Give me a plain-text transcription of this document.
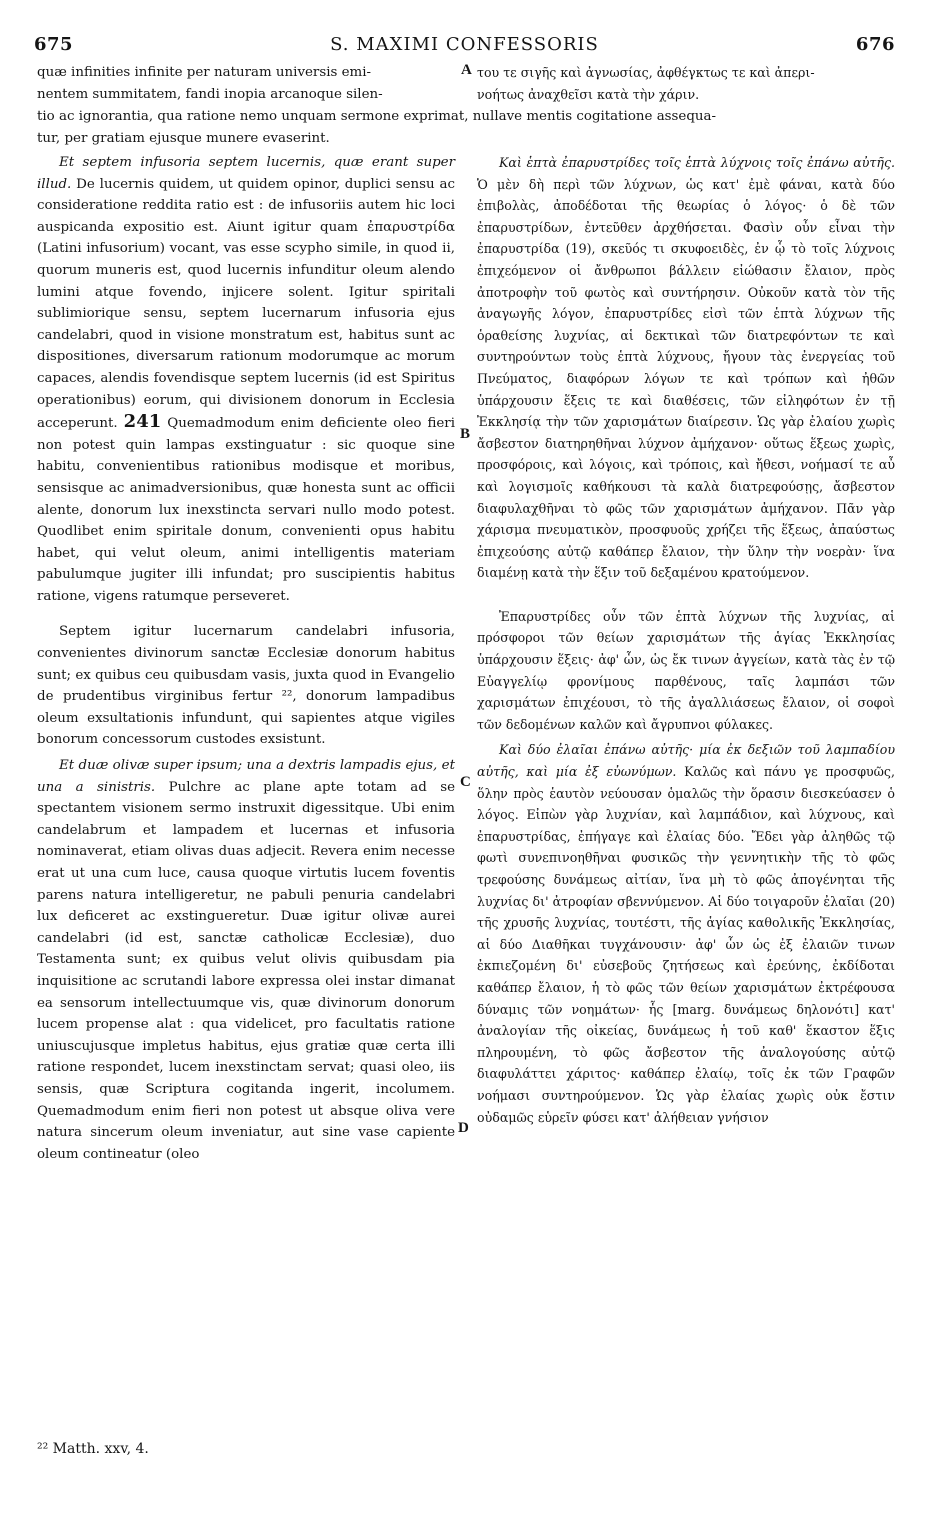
675	S. MAXIMI CONFESSORIS	676

quæ infinities infinite per naturam universis emi-
nentem summitatem, fandi inopia arcanoque silen-

του τε σιγῆς καὶ ἀγνωσίας, ἀφθέγκτως τε καὶ ἀπερι-
νοήτως ἀναχθεῖσι κατὰ τὴν χάριν.

tio ac ignorantia, qua ratione nemo unquam sermone exprimat, nullave mentis cogitatione assequa-
tur, per gratiam ejusque munere evaserint.

A
B
C
D

Et septem infusoria septem lucernis, quæ erant super illud. De lucernis quidem, ut quidem opinor, duplici sensu ac consideratione reddita ratio est : de infusoriis autem hic loci auspicanda expositio est. Aiunt igitur quam ἐπαρυστρίδα (Latini infusorium) vocant, vas esse scypho simile, in quod ii, quorum muneris est, quod lucernis infunditur oleum alendo lumini atque fovendo, injicere solent. Igitur spiritali sublimiorique sensu, septem lucernarum infusoria ejus candelabri, quod in visione monstratum est, habitus sunt ac dispositiones, diversarum rationum modorumque ac morum capaces, alendis fovendisque septem lucernis (id est Spiritus operationibus) eorum, qui divisionem donorum in Ecclesia acceperunt. 241 Quemadmodum enim deficiente oleo fieri non potest quin lampas exstinguatur : sic quoque sine habitu, convenientibus rationibus modisque et moribus, sensisque ac animadversionibus, quæ honesta sunt ac officii alente, donorum lux inexstincta servari nullo modo potest. Quodlibet enim spiritale donum, convenienti opus habitu habet, qui velut oleum, animi intelligentis materiam pabulumque jugiter illi infundat; pro suscipientis habitus ratione, vigens ratumque perseveret.

Septem igitur lucernarum candelabri infusoria, convenientes divinorum sanctæ Ecclesiæ donorum habitus sunt; ex quibus ceu quibusdam vasis, juxta quod in Evangelio de prudentibus virginibus fertur ²², donorum lampadibus oleum exsultationis infundunt, qui sapientes atque vigiles bonorum concessorum custodes exsistunt.

Et duæ olivæ super ipsum; una a dextris lampadis ejus, et una a sinistris. Pulchre ac plane apte totam ad se spectantem visionem sermo instruxit digessitque. Ubi enim candelabrum et lampadem et lucernas et infusoria nominaverat, etiam olivas duas adjecit. Revera enim necesse erat ut una cum luce, causa quoque virtutis lucem foventis parens natura intelligeretur, ne pabuli penuria candelabri lux deficeret ac exstingueretur. Duæ igitur olivæ aurei candelabri (id est, sanctæ catholicæ Ecclesiæ), duo Testamenta sunt; ex quibus velut olivis quibusdam pia inquisitione ac scrutandi labore expressa olei instar dimanat ea sensorum intellectuumque vis, quæ divinorum donorum lucem propense alat : qua videlicet, pro facultatis ratione uniuscujusque impletus habitus, ejus gratiæ quæ certa illi ratione respondet, lucem inexstinctam servat; quasi oleo, iis sensis, quæ Scriptura cogitanda ingerit, incolumem. Quemadmodum enim fieri non potest ut absque oliva vere natura sincerum oleum inveniatur, aut sine vase capiente oleum contineatur (oleo

Καὶ ἑπτὰ ἐπαρυστρίδες τοῖς ἑπτὰ λύχνοις τοῖς ἐπάνω αὐτῆς. Ὁ μὲν δὴ περὶ τῶν λύχνων, ὡς κατ' ἐμὲ φάναι, κατὰ δύο ἐπιβολὰς, ἀποδέδοται τῆς θεωρίας ὁ λόγος· ὁ δὲ τῶν ἐπαρυστρίδων, ἐντεῦθεν ἀρχθήσεται. Φασὶν οὖν εἶναι τὴν ἐπαρυστρίδα (19), σκεῦός τι σκυφοειδὲς, ἐν ᾧ τὸ τοῖς λύχνοις ἐπιχεόμενον οἱ ἄνθρωποι βάλλειν εἰώθασιν ἔλαιον, πρὸς ἀποτροφὴν τοῦ φωτὸς καὶ συντήρησιν. Οὐκοῦν κατὰ τὸν τῆς ἀναγωγῆς λόγον, ἐπαρυστρίδες εἰσὶ τῶν ἑπτὰ λύχνων τῆς ὁραθείσης λυχνίας, αἱ δεκτικαὶ τῶν διατρεφόντων τε καὶ συντηρούντων τοὺς ἑπτὰ λύχνους, ἤγουν τὰς ἐνεργείας τοῦ Πνεύματος, διαφόρων λόγων τε καὶ τρόπων καὶ ἠθῶν ὑπάρχουσιν ἕξεις τε καὶ διαθέσεις, τῶν εἰληφότων ἐν τῇ Ἐκκλησίᾳ τὴν τῶν χαρισμάτων διαίρεσιν. Ὡς γὰρ ἐλαίου χωρὶς ἄσβεστον διατηρηθῆναι λύχνον ἀμήχανον· οὕτως ἕξεως χωρὶς, προσφόροις, καὶ λόγοις, καὶ τρόποις, καὶ ἤθεσι, νοήμασί τε αὖ καὶ λογισμοῖς καθήκουσι τὰ καλὰ διατρεφούσῃς, ἄσβεστον διαφυλαχθῆναι τὸ φῶς τῶν χαρισμάτων ἀμήχανον. Πᾶν γὰρ χάρισμα πνευματικὸν, προσφυοῦς χρήζει τῆς ἕξεως, ἀπαύστως ἐπιχεούσης αὐτῷ καθάπερ ἔλαιον, τὴν ὕλην τὴν νοερὰν· ἵνα διαμένῃ κατὰ τὴν ἕξιν τοῦ δεξαμένου κρατούμενον.

Ἐπαρυστρίδες οὖν τῶν ἑπτὰ λύχνων τῆς λυχνίας, αἱ πρόσφοροι τῶν θείων χαρισμάτων τῆς ἁγίας Ἐκκλησίας ὑπάρχουσιν ἕξεις· ἀφ' ὧν, ὡς ἔκ τινων ἀγγείων, κατὰ τὰς ἐν τῷ Εὐαγγελίῳ φρονίμους παρθένους, ταῖς λαμπάσι τῶν χαρισμάτων ἐπιχέουσι, τὸ τῆς ἀγαλλιάσεως ἔλαιον, οἱ σοφοὶ τῶν δεδομένων καλῶν καὶ ἄγρυπνοι φύλακες.

Καὶ δύο ἐλαῖαι ἐπάνω αὐτῆς· μία ἐκ δεξιῶν τοῦ λαμπαδίου αὐτῆς, καὶ μία ἐξ εὐωνύμων. Καλῶς καὶ πάνυ γε προσφυῶς, ὅλην πρὸς ἑαυτὸν νεύουσαν ὁμαλῶς τὴν ὅρασιν διεσκεύασεν ὁ λόγος. Εἰπὼν γὰρ λυχνίαν, καὶ λαμπάδιον, καὶ λύχνους, καὶ ἐπαρυστρίδας, ἐπήγαγε καὶ ἐλαίας δύο. Ἔδει γὰρ ἀληθῶς τῷ φωτὶ συνεπινοηθῆναι φυσικῶς τὴν γεννητικὴν τῆς τὸ φῶς τρεφούσης δυνάμεως αἰτίαν, ἵνα μὴ τὸ φῶς ἀπογένηται τῆς λυχνίας δι' ἀτροφίαν σβεννύμενον. Αἱ δύο τοιγαροῦν ἐλαῖαι (20) τῆς χρυσῆς λυχνίας, τουτέστι, τῆς ἁγίας καθολικῆς Ἐκκλησίας, αἱ δύο Διαθῆκαι τυγχάνουσιν· ἀφ' ὧν ὡς ἐξ ἐλαιῶν τινων ἐκπιεζομένη δι' εὐσεβοῦς ζητήσεως καὶ ἐρεύνης, ἐκδίδοται καθάπερ ἔλαιον, ἡ τὸ φῶς τῶν θείων χαρισμάτων ἐκτρέφουσα δύναμις τῶν νοημάτων· ἧς [marg. δυνάμεως δηλονότι] κατ' ἀναλογίαν τῆς οἰκείας, δυνάμεως ἡ τοῦ καθ' ἕκαστον ἕξις πληρουμένη, τὸ φῶς ἄσβεστον τῆς ἀναλογούσης αὐτῷ διαφυλάττει χάριτος· καθάπερ ἐλαίῳ, τοῖς ἐκ τῶν Γραφῶν νοήμασι συντηρούμενον. Ὡς γὰρ ἐλαίας χωρὶς οὐκ ἔστιν οὐδαμῶς εὑρεῖν φύσει κατ' ἀλήθειαν γνήσιον

²² Matth. xxv, 4.
